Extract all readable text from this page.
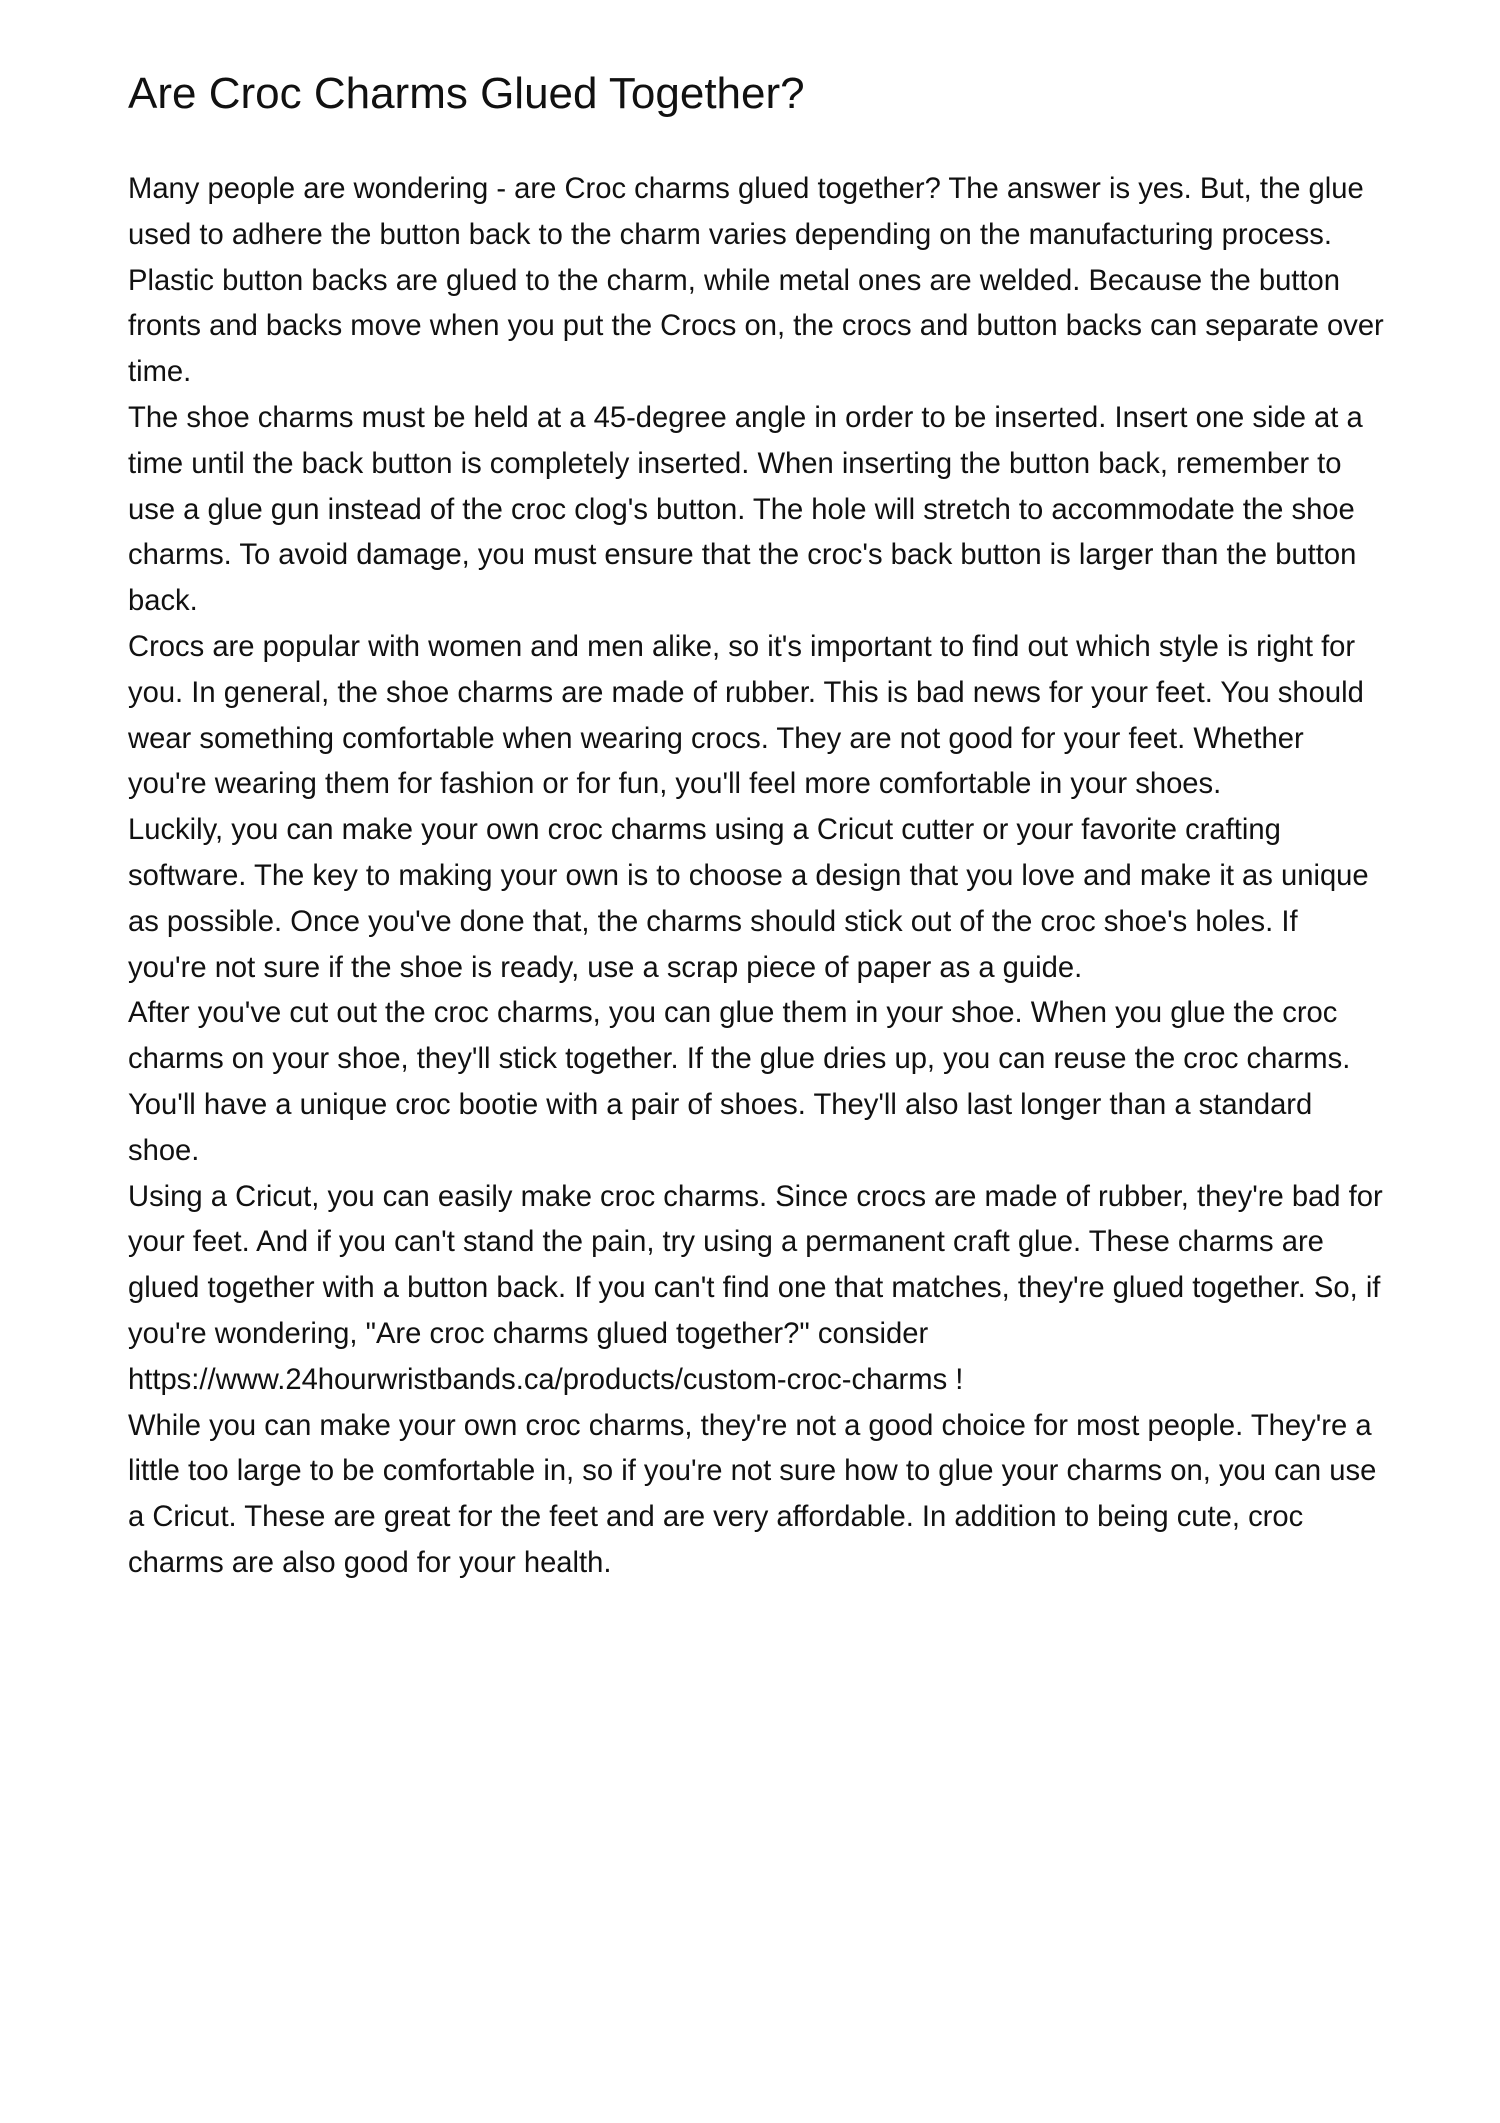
Are Croc Charms Glued Together?

Many people are wondering - are Croc charms glued together? The answer is yes. But, the glue used to adhere the button back to the charm varies depending on the manufacturing process. Plastic button backs are glued to the charm, while metal ones are welded. Because the button fronts and backs move when you put the Crocs on, the crocs and button backs can separate over time.

The shoe charms must be held at a 45-degree angle in order to be inserted. Insert one side at a time until the back button is completely inserted. When inserting the button back, remember to use a glue gun instead of the croc clog's button. The hole will stretch to accommodate the shoe charms. To avoid damage, you must ensure that the croc's back button is larger than the button back.

Crocs are popular with women and men alike, so it's important to find out which style is right for you. In general, the shoe charms are made of rubber. This is bad news for your feet. You should wear something comfortable when wearing crocs. They are not good for your feet. Whether you're wearing them for fashion or for fun, you'll feel more comfortable in your shoes.

Luckily, you can make your own croc charms using a Cricut cutter or your favorite crafting software. The key to making your own is to choose a design that you love and make it as unique as possible. Once you've done that, the charms should stick out of the croc shoe's holes. If you're not sure if the shoe is ready, use a scrap piece of paper as a guide.

After you've cut out the croc charms, you can glue them in your shoe. When you glue the croc charms on your shoe, they'll stick together. If the glue dries up, you can reuse the croc charms. You'll have a unique croc bootie with a pair of shoes. They'll also last longer than a standard shoe.

Using a Cricut, you can easily make croc charms. Since crocs are made of rubber, they're bad for your feet. And if you can't stand the pain, try using a permanent craft glue. These charms are glued together with a button back. If you can't find one that matches, they're glued together. So, if you're wondering, "Are croc charms glued together?" consider https://www.24hourwristbands.ca/products/custom-croc-charms !

While you can make your own croc charms, they're not a good choice for most people. They're a little too large to be comfortable in, so if you're not sure how to glue your charms on, you can use a Cricut. These are great for the feet and are very affordable. In addition to being cute, croc charms are also good for your health.
